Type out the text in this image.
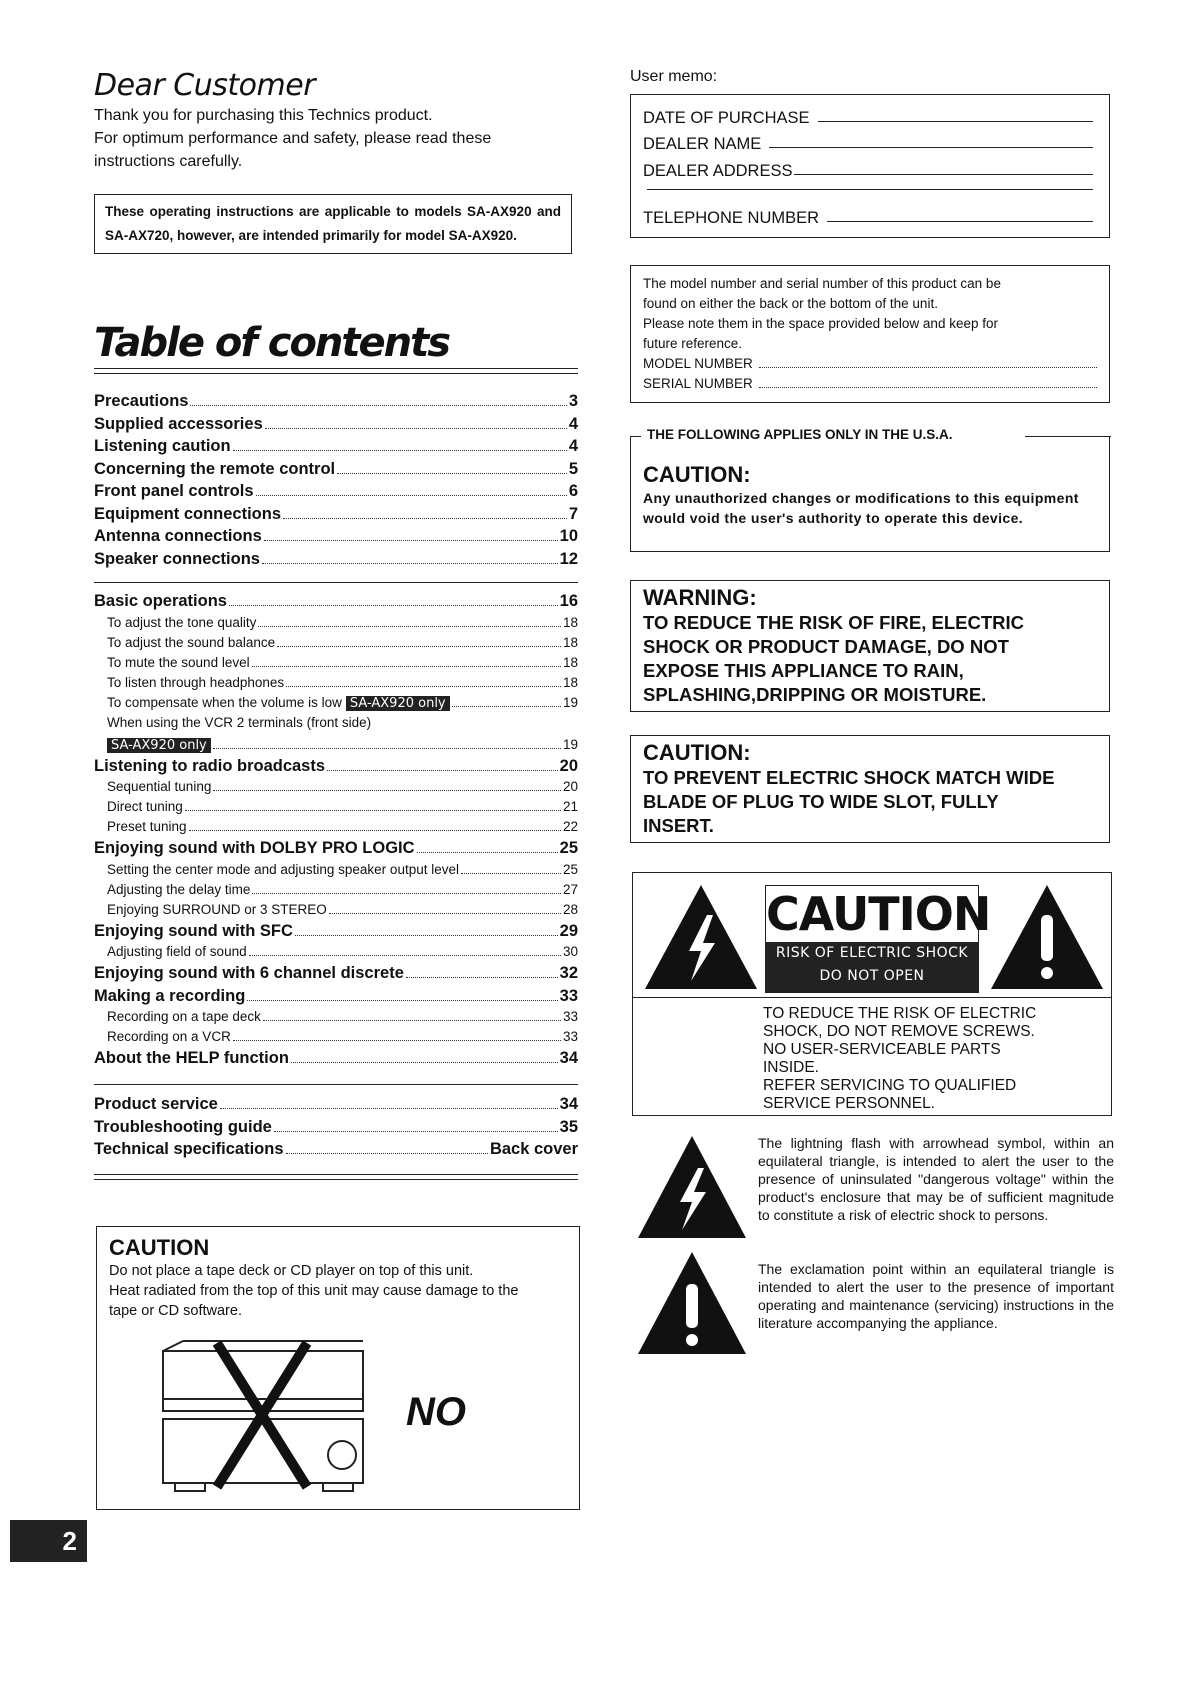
Dear Customer
Thank you for purchasing this Technics product.
For optimum performance and safety, please read these
instructions carefully.
These operating instructions are applicable to models SA-AX920 and SA-AX720, however, are intended primarily for model SA-AX920.
Table of contents
Precautions	3
Supplied accessories	4
Listening caution	4
Concerning the remote control	5
Front panel controls	6
Equipment connections	7
Antenna connections	10
Speaker connections	12
Basic operations	16
To adjust the tone quality	18
To adjust the sound balance	18
To mute the sound level	18
To listen through headphones	18
To compensate when the volume is low SA-AX920 only	19
When using the VCR 2 terminals (front side)
SA-AX920 only	19
Listening to radio broadcasts	20
Sequential tuning	20
Direct tuning	21
Preset tuning	22
Enjoying sound with DOLBY PRO LOGIC	25
Setting the center mode and adjusting speaker output level	25
Adjusting the delay time	27
Enjoying SURROUND or 3 STEREO	28
Enjoying sound with SFC	29
Adjusting field of sound	30
Enjoying sound with 6 channel discrete	32
Making a recording	33
Recording on a tape deck	33
Recording on a VCR	33
About the HELP function	34
Product service	34
Troubleshooting guide	35
Technical specifications	Back cover
CAUTION
Do not place a tape deck or CD player on top of this unit.
Heat radiated from the top of this unit may cause damage to the
tape or CD software.
NO
User memo:
DATE OF PURCHASE
DEALER NAME
DEALER ADDRESS
TELEPHONE NUMBER
The model number and serial number of this product can be
found on either the back or the bottom of the unit.
Please note them in the space provided below and keep for
future reference.
MODEL NUMBER
SERIAL NUMBER
THE FOLLOWING APPLIES ONLY IN THE U.S.A.
CAUTION:
Any unauthorized changes or modifications to this equipment would void the user's authority to operate this device.
WARNING:
TO REDUCE THE RISK OF FIRE, ELECTRIC
SHOCK OR PRODUCT DAMAGE, DO NOT
EXPOSE THIS APPLIANCE TO RAIN,
SPLASHING,DRIPPING OR MOISTURE.
CAUTION:
TO PREVENT ELECTRIC SHOCK MATCH WIDE
BLADE OF PLUG TO WIDE SLOT, FULLY
INSERT.
CAUTION
RISK OF ELECTRIC SHOCK
DO NOT OPEN
TO REDUCE THE RISK OF ELECTRIC
SHOCK, DO NOT REMOVE SCREWS.
NO USER-SERVICEABLE PARTS
INSIDE.
REFER SERVICING TO QUALIFIED
SERVICE PERSONNEL.
The lightning flash with arrowhead symbol, within an equilateral triangle, is intended to alert the user to the presence of uninsulated "dangerous voltage" within the product's enclosure that may be of sufficient magnitude to constitute a risk of electric shock to persons.
The exclamation point within an equilateral triangle is intended to alert the user to the presence of important operating and maintenance (servicing) instructions in the literature accompanying the appliance.
2
